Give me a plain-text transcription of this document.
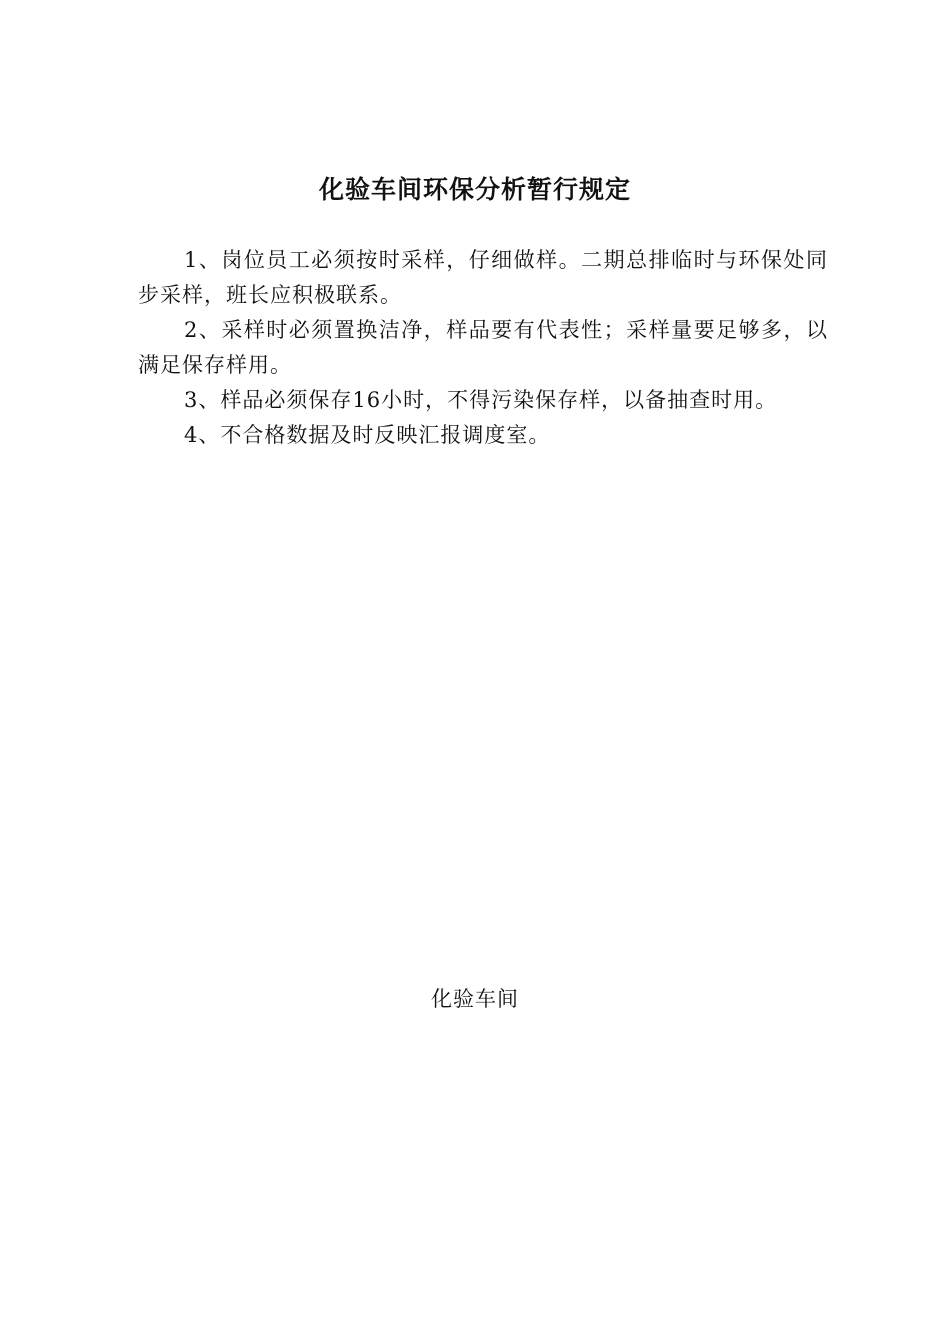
化验车间环保分析暂行规定

1、岗位员工必须按时采样，仔细做样。二期总排临时与环保处同步采样，班长应积极联系。

2、采样时必须置换洁净，样品要有代表性；采样量要足够多，以满足保存样用。

3、样品必须保存16小时，不得污染保存样，以备抽查时用。

4、不合格数据及时反映汇报调度室。

化验车间
